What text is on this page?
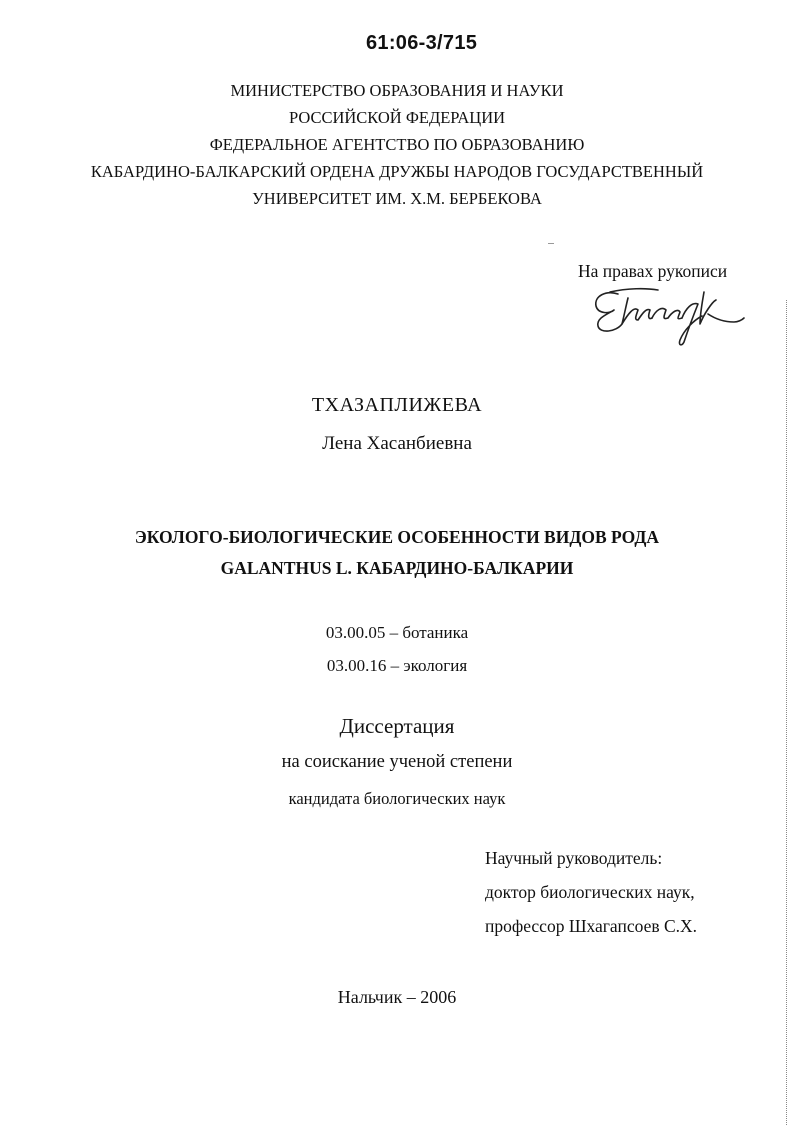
61:06-3/715
МИНИСТЕРСТВО ОБРАЗОВАНИЯ И НАУКИ
РОССИЙСКОЙ ФЕДЕРАЦИИ
ФЕДЕРАЛЬНОЕ АГЕНТСТВО ПО ОБРАЗОВАНИЮ
КАБАРДИНО-БАЛКАРСКИЙ ОРДЕНА ДРУЖБЫ НАРОДОВ ГОСУДАРСТВЕННЫЙ
УНИВЕРСИТЕТ ИМ. Х.М. БЕРБЕКОВА
На правах рукописи
ТХАЗАПЛИЖЕВА
Лена Хасанбиевна
ЭКОЛОГО-БИОЛОГИЧЕСКИЕ ОСОБЕННОСТИ ВИДОВ РОДА
GALANTHUS L. КАБАРДИНО-БАЛКАРИИ
03.00.05 – ботаника
03.00.16 – экология
Диссертация
на соискание ученой степени
кандидата биологических наук
Научный руководитель:
доктор биологических наук,
профессор Шхагапсоев С.Х.
Нальчик – 2006
